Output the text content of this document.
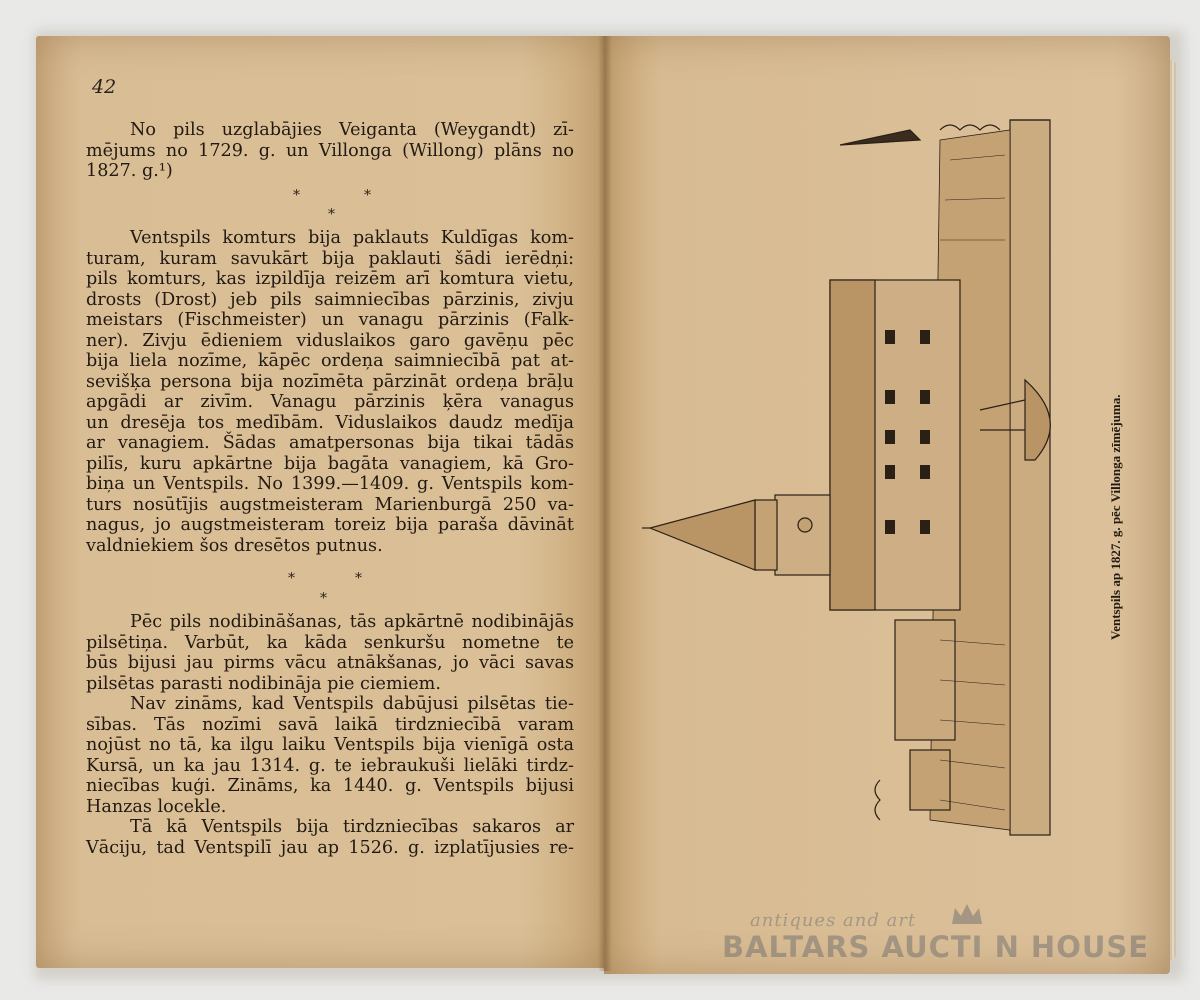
42
No pils uzglabājies Veiganta (Weygandt) zī-
mējums no 1729. g. un Villonga (Willong) plāns no
1827. g.¹)
⁎	⁎
⁎
Ventspils komturs bija paklauts Kuldīgas kom-
turam, kuram savukārt bija paklauti šādi ierēdņi:
pils komturs, kas izpildīja reizēm arī komtura vietu,
drosts (Drost) jeb pils saimniecības pārzinis, zivju
meistars (Fischmeister) un vanagu pārzinis (Falk-
ner). Zivju ēdieniem viduslaikos garo gavēņu pēc
bija liela nozīme, kāpēc ordeņa saimniecībā pat at-
sevišķa persona bija nozīmēta pārzināt ordeņa brāļu
apgādi ar zivīm. Vanagu pārzinis ķēra vanagus
un dresēja tos medībām. Viduslaikos daudz medīja
ar vanagiem. Šādas amatpersonas bija tikai tādās
pilīs, kuru apkārtne bija bagāta vanagiem, kā Gro-
biņa un Ventspils. No 1399.—1409. g. Ventspils kom-
turs nosūtījis augstmeisteram Marienburgā 250 va-
nagus, jo augstmeisteram toreiz bija paraša dāvināt
valdniekiem šos dresētos putnus.
⁎	⁎
⁎
Pēc pils nodibināšanas, tās apkārtnē nodibinājās
pilsētiņa. Varbūt, ka kāda senkuršu nometne te
būs bijusi jau pirms vācu atnākšanas, jo vāci savas
pilsētas parasti nodibināja pie ciemiem.
Nav zināms, kad Ventspils dabūjusi pilsētas tie-
sības. Tās nozīmi savā laikā tirdzniecībā varam
nojūst no tā, ka ilgu laiku Ventspils bija vienīgā osta
Kursā, un ka jau 1314. g. te iebraukuši lielāki tirdz-
niecības kuģi. Zināms, ka 1440. g. Ventspils bijusi
Hanzas locekle.
Tā kā Ventspils bija tirdzniecības sakaros ar
Vāciju, tad Ventspilī jau ap 1526. g. izplatījusies re-
Ventspils ap 1827. g. pēc Villonga zīmējuma.
antiques and art
BALTARS AUCTI N HOUSE
